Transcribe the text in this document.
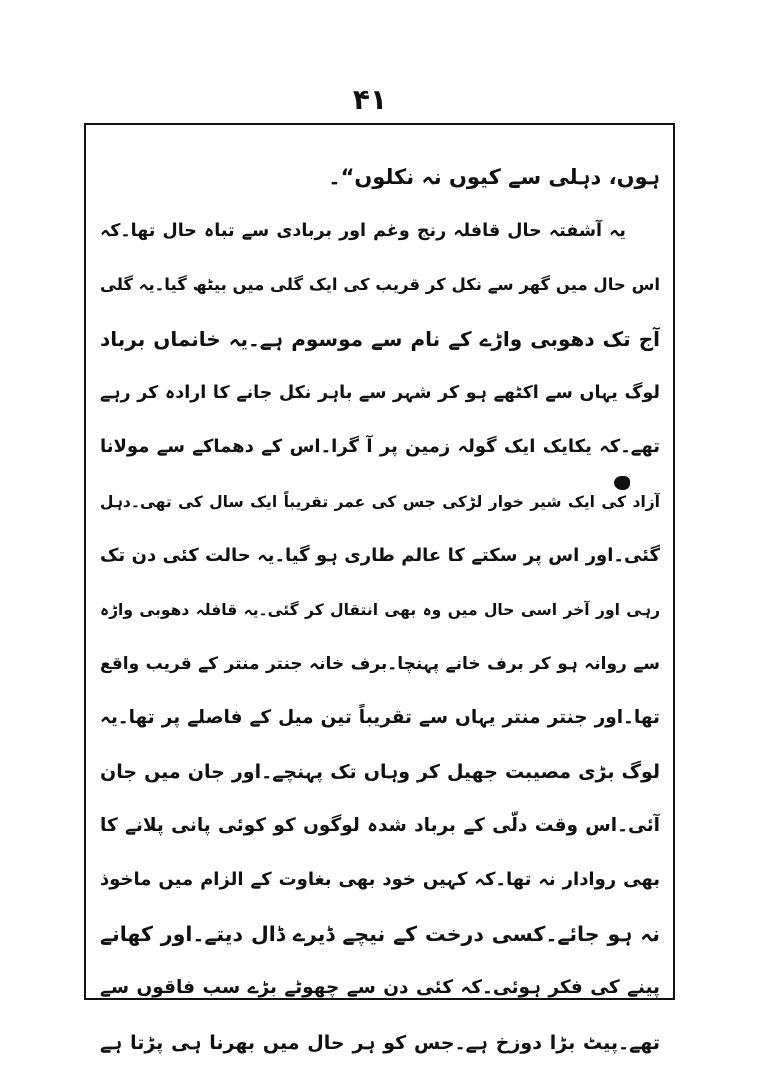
۴۱
ہوں، دہلی سے کیوں نہ نکلوں“۔
یہ آشفتہ حال قافلہ رنج وغم اور بربادی سے تباہ حال تھا۔کہ
اس حال میں گھر سے نکل کر قریب کی ایک گلی میں بیٹھ گیا۔یہ گلی
آج تک دھوبی واڑے کے نام سے موسوم ہے۔یہ خانماں برباد
لوگ یہاں سے اکٹھے ہو کر شہر سے باہر نکل جانے کا ارادہ کر رہے
تھے۔کہ یکایک ایک گولہ زمین پر آ گرا۔اس کے دھماکے سے مولانا
آزاد کی ایک شیر خوار لڑکی جس کی عمر تقریباً ایک سال کی تھی۔دہل
گئی۔اور اس پر سکتے کا عالم طاری ہو گیا۔یہ حالت کئی دن تک
رہی اور آخر اسی حال میں وہ بھی انتقال کر گئی۔یہ قافلہ دھوبی واڑہ
سے روانہ ہو کر برف خانے پہنچا۔برف خانہ جنتر منتر کے قریب واقع
تھا۔اور جنتر منتر یہاں سے تقریباً تین میل کے فاصلے پر تھا۔یہ
لوگ بڑی مصیبت جھیل کر وہاں تک پہنچے۔اور جان میں جان
آئی۔اس وقت دلّی کے برباد شدہ لوگوں کو کوئی پانی پلانے کا
بھی روادار نہ تھا۔کہ کہیں خود بھی بغاوت کے الزام میں ماخوذ
نہ ہو جائے۔کسی درخت کے نیچے ڈیرے ڈال دیتے۔اور کھانے
پینے کی فکر ہوئی۔کہ کئی دن سے چھوٹے بڑے سب فاقوں سے
تھے۔پیٹ بڑا دوزخ ہے۔جس کو ہر حال میں بھرنا ہی پڑتا ہے
